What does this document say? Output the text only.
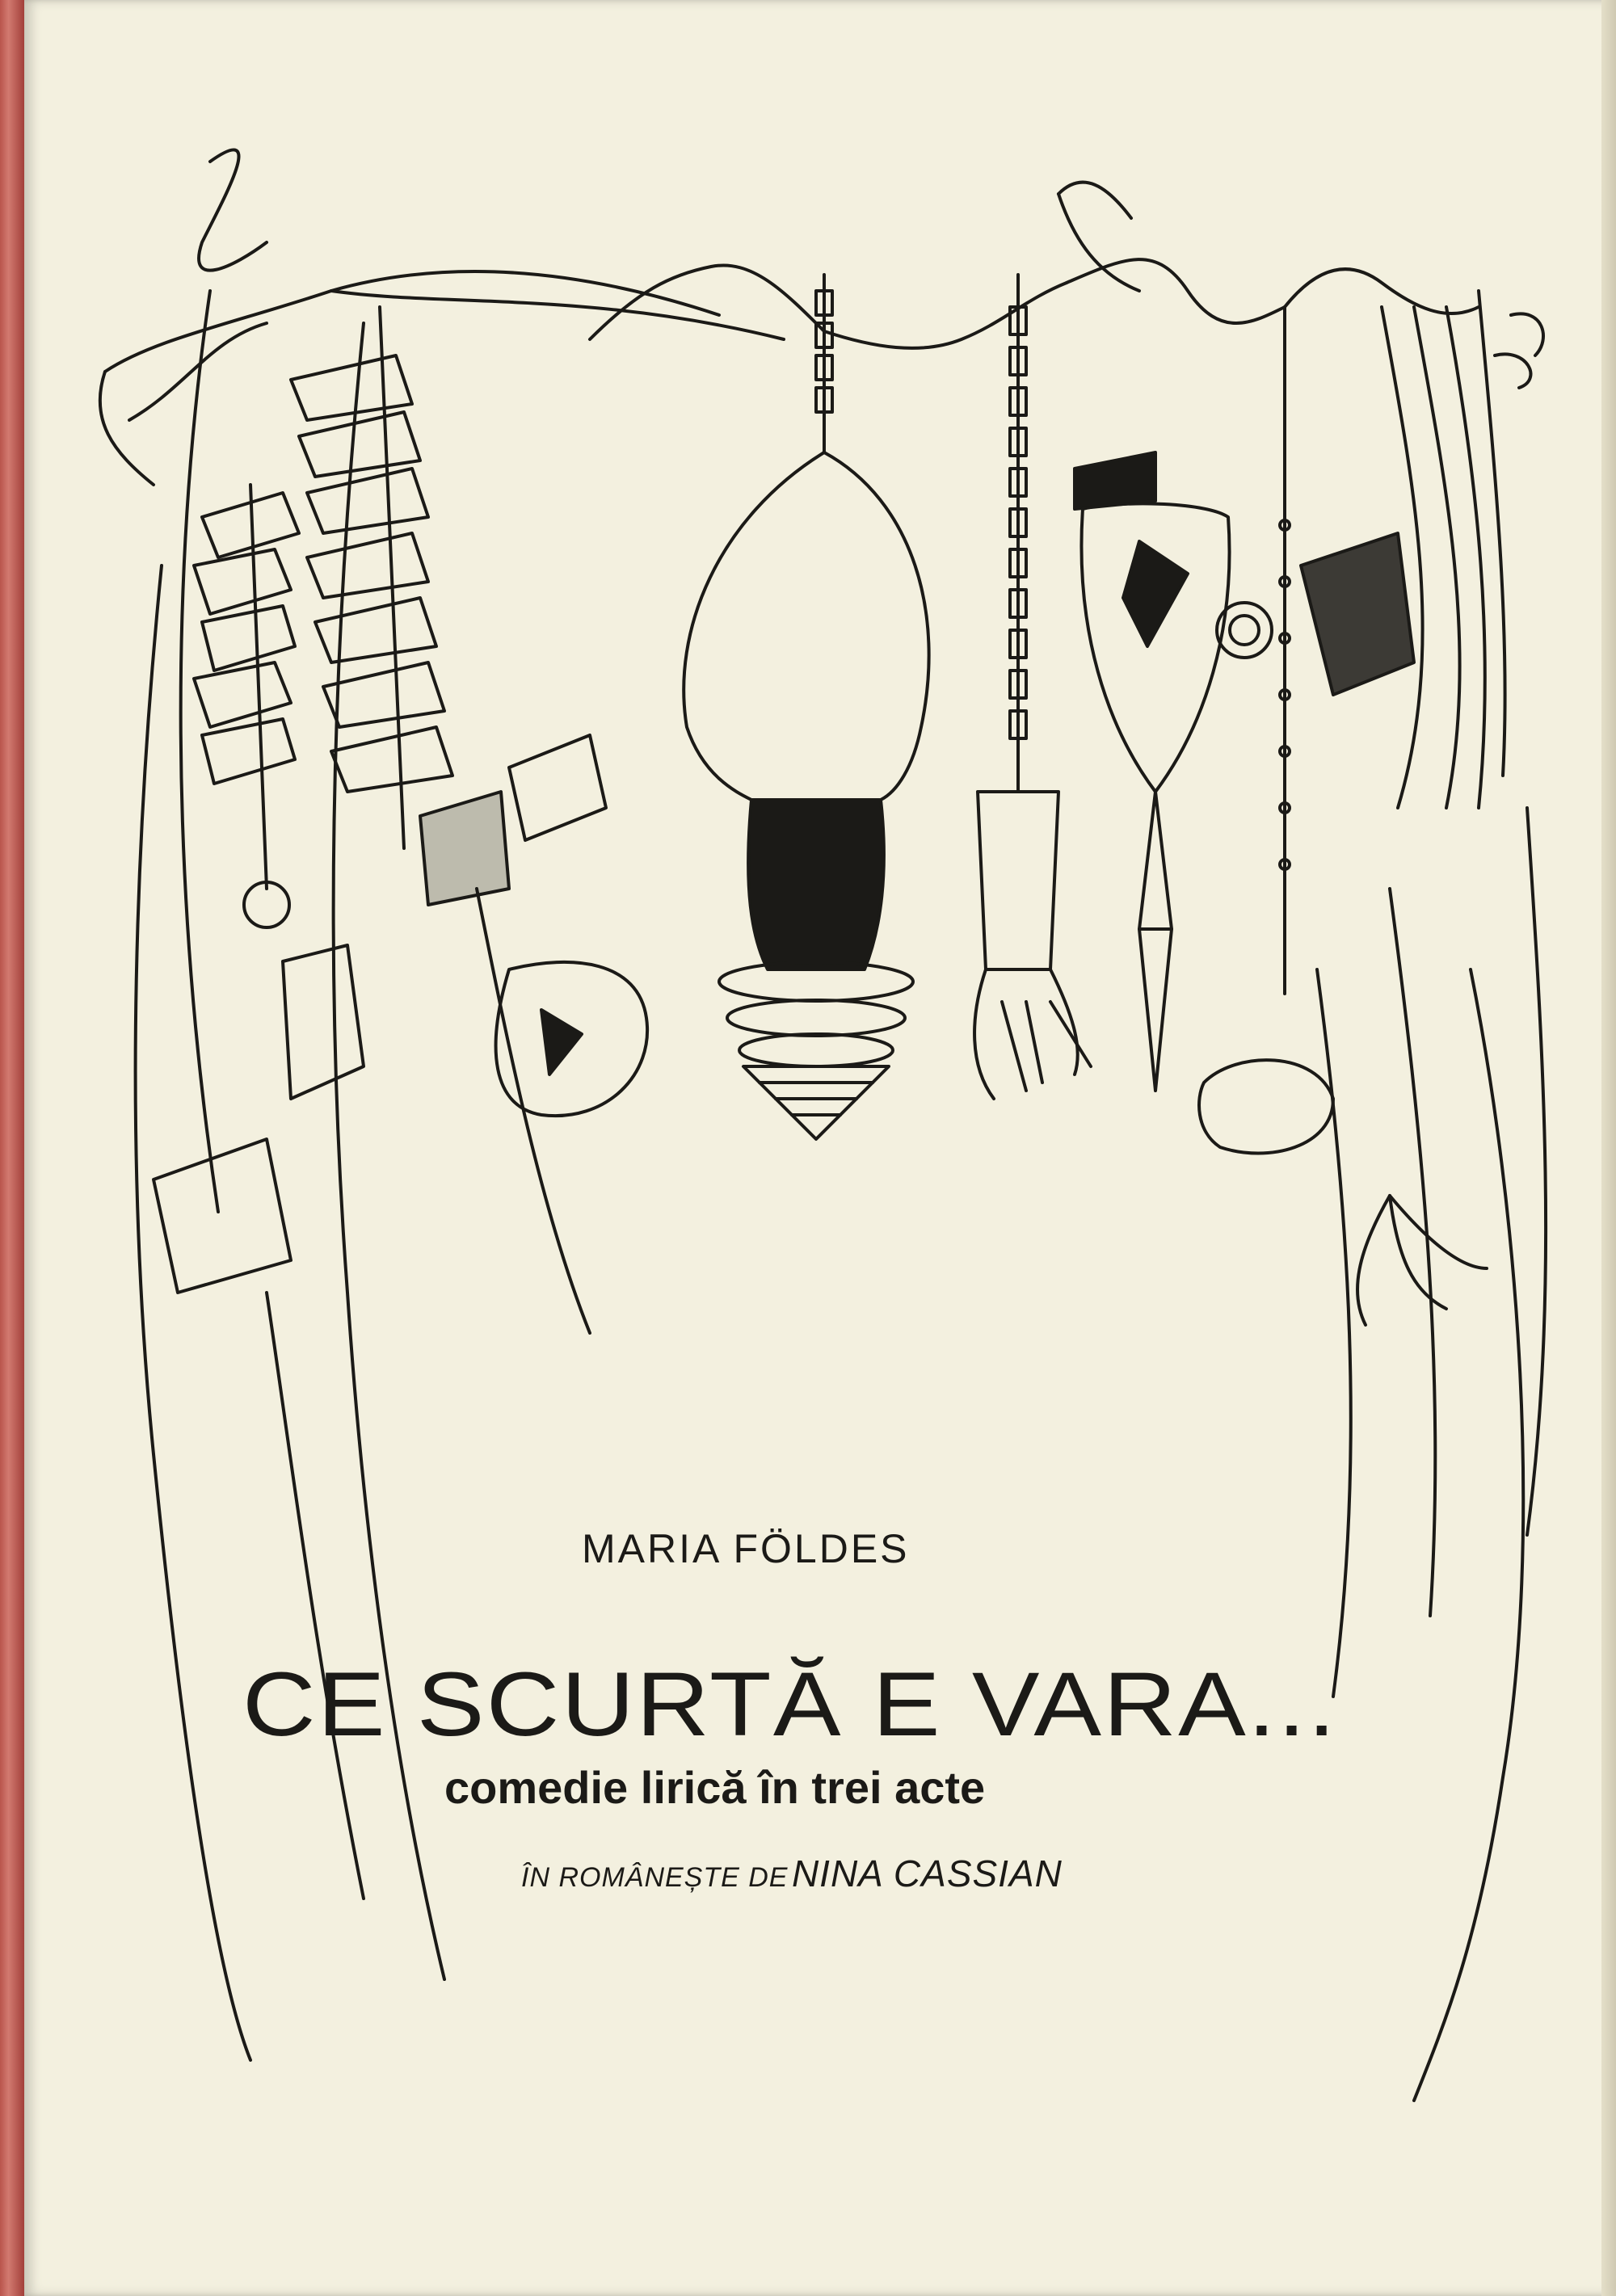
MARIA FÖLDES
CE SCURTĂ E VARA...
comedie lirică în trei acte
ÎN ROMÂNEȘTE DE NINA CASSIAN
